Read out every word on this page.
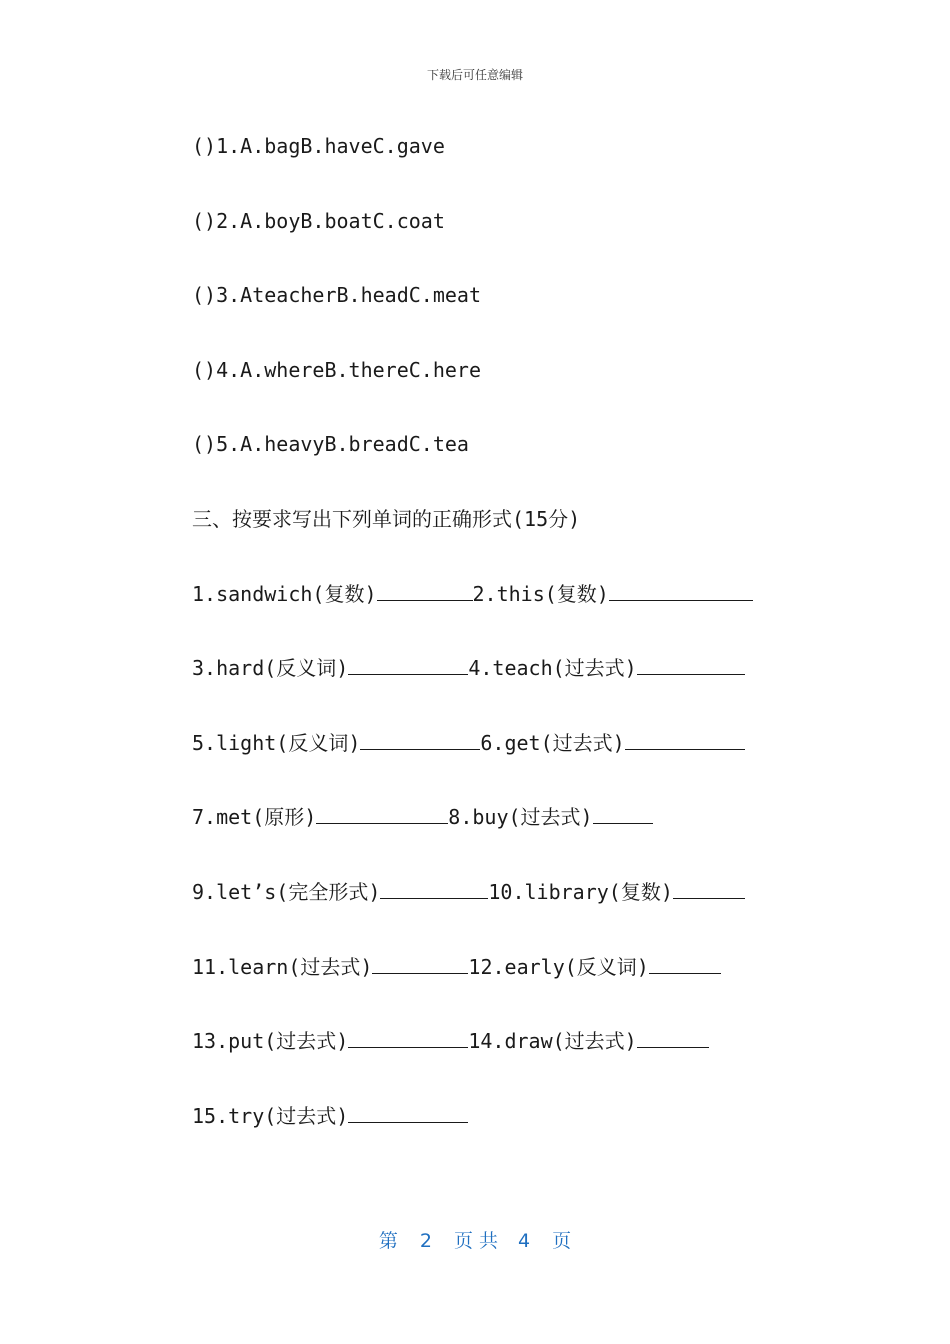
下载后可任意编辑
()1.A.bagB.haveC.gave
()2.A.boyB.boatC.coat
()3.AteacherB.headC.meat
()4.A.whereB.thereC.here
()5.A.heavyB.breadC.tea
三、按要求写出下列单词的正确形式(15分)
1.sandwich(复数)	2.this(复数)
3.hard(反义词)	4.teach(过去式)
5.light(反义词)	6.get(过去式)
7.met(原形)	8.buy(过去式)
9.let’s(完全形式)	10.library(复数)
11.learn(过去式)	12.early(反义词)
13.put(过去式)	14.draw(过去式)
15.try(过去式)
第 2 页共 4 页
